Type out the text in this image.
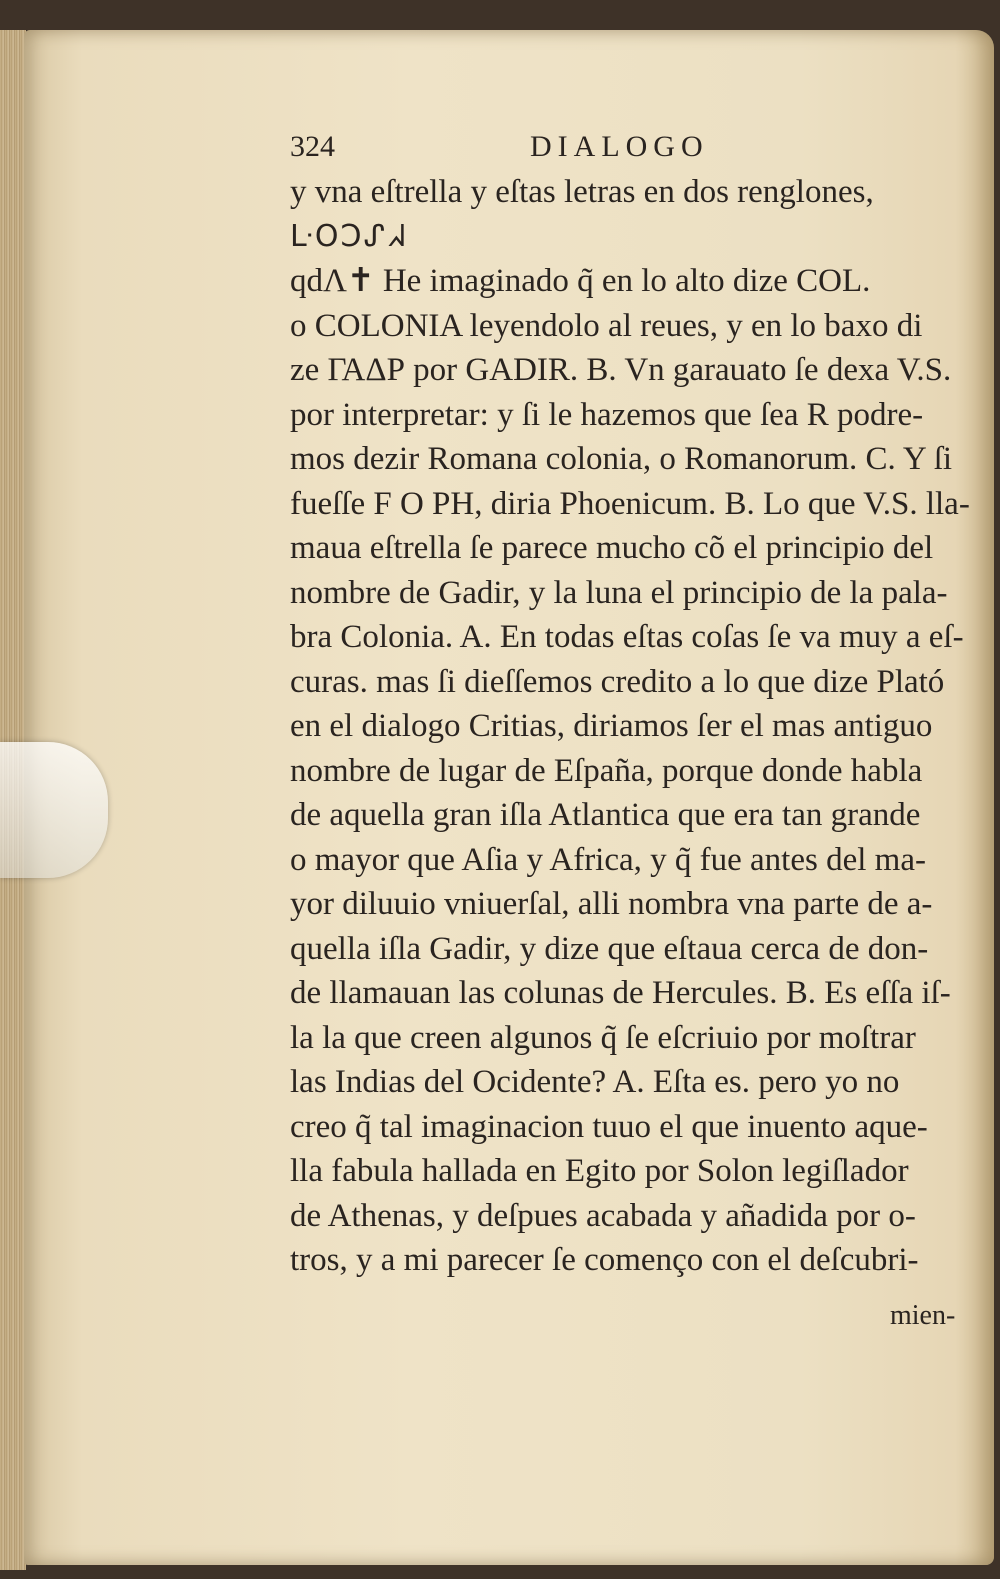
324	DIALOGO
y vna eſtrella y eſtas letras en dos renglones,
ᒷOϽᔑᖽ
qdΛ✝ He imaginado q̃ en lo alto dize COL.
o COLONIA leyendolo al reues, y en lo baxo di
ze ΓΑΔΡ por GADIR. B. Vn garauato ſe dexa V.S.
por interpretar: y ſi le hazemos que ſea R podre-
mos dezir Romana colonia, o Romanorum. C. Y ſi
fueſſe F O PH, diria Phoenicum. B. Lo que V.S. lla-
maua eſtrella ſe parece mucho cõ el principio del
nombre de Gadir, y la luna el principio de la pala-
bra Colonia. A. En todas eſtas coſas ſe va muy a eſ-
curas. mas ſi dieſſemos credito a lo que dize Plató
en el dialogo Critias, diriamos ſer el mas antiguo
nombre de lugar de Eſpaña, porque donde habla
de aquella gran iſla Atlantica que era tan grande
o mayor que Aſia y Africa, y q̃ fue antes del ma-
yor diluuio vniuerſal, alli nombra vna parte de a-
quella iſla Gadir, y dize que eſtaua cerca de don-
de llamauan las colunas de Hercules. B. Es eſſa iſ-
la la que creen algunos q̃ ſe eſcriuio por moſtrar
las Indias del Ocidente? A. Eſta es. pero yo no
creo q̃ tal imaginacion tuuo el que inuento aque-
lla fabula hallada en Egito por Solon legiſlador
de Athenas, y deſpues acabada y añadida por o-
tros, y a mi parecer ſe començo con el deſcubri-
mien-
